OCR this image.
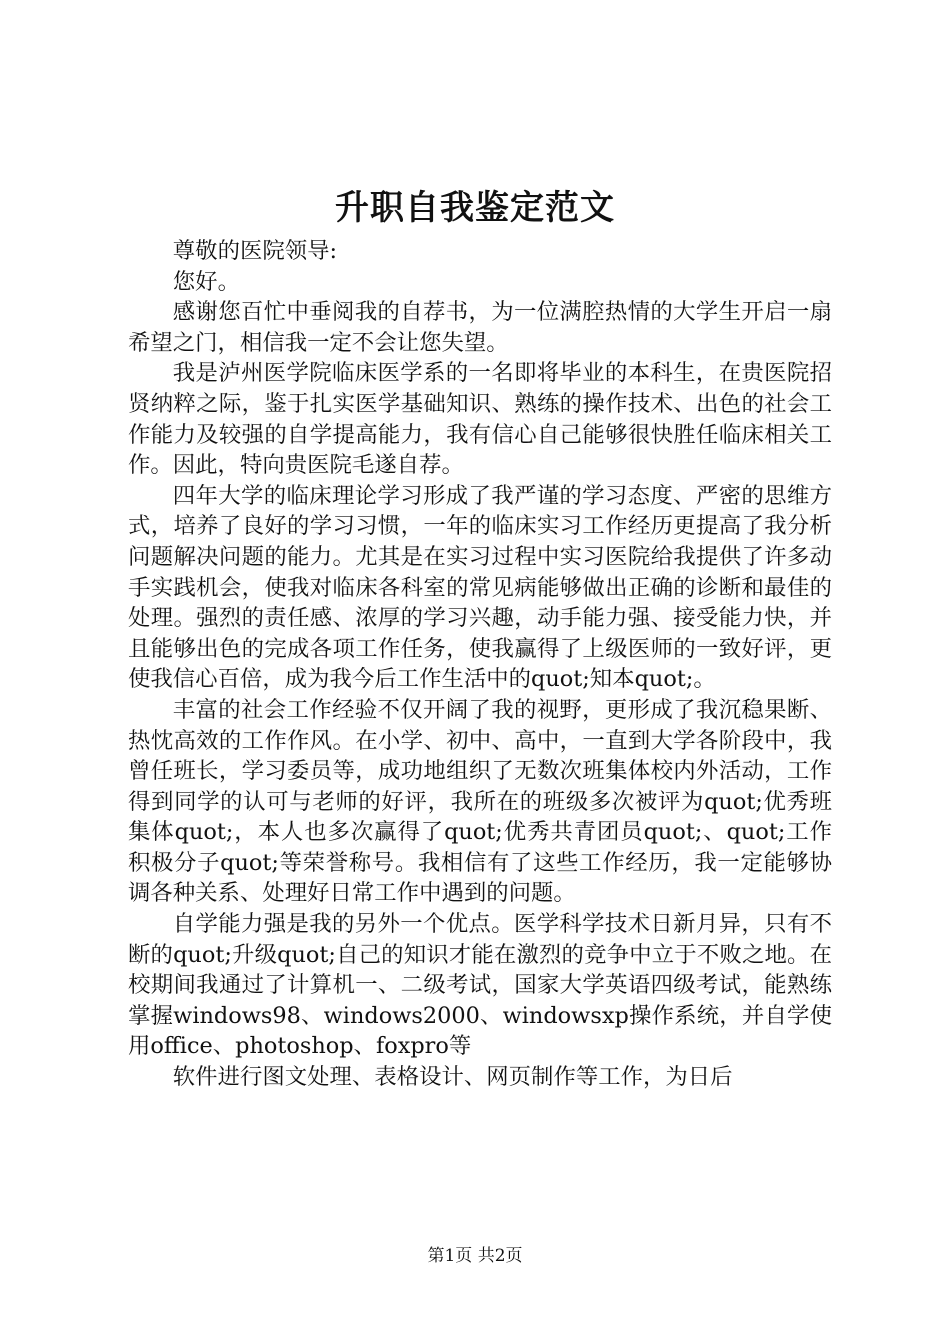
升职自我鉴定范文

尊敬的医院领导:

您好。

感谢您百忙中垂阅我的自荐书，为一位满腔热情的大学生开启一扇希望之门，相信我一定不会让您失望。

我是泸州医学院临床医学系的一名即将毕业的本科生，在贵医院招贤纳粹之际，鉴于扎实医学基础知识、熟练的操作技术、出色的社会工作能力及较强的自学提高能力，我有信心自己能够很快胜任临床相关工作。因此，特向贵医院毛遂自荐。

四年大学的临床理论学习形成了我严谨的学习态度、严密的思维方式，培养了良好的学习习惯，一年的临床实习工作经历更提高了我分析问题解决问题的能力。尤其是在实习过程中实习医院给我提供了许多动手实践机会，使我对临床各科室的常见病能够做出正确的诊断和最佳的处理。强烈的责任感、浓厚的学习兴趣，动手能力强、接受能力快，并且能够出色的完成各项工作任务，使我赢得了上级医师的一致好评，更使我信心百倍，成为我今后工作生活中的quot;知本quot;。

丰富的社会工作经验不仅开阔了我的视野，更形成了我沉稳果断、热忱高效的工作作风。在小学、初中、高中，一直到大学各阶段中，我曾任班长，学习委员等，成功地组织了无数次班集体校内外活动，工作得到同学的认可与老师的好评，我所在的班级多次被评为quot;优秀班集体quot;，本人也多次赢得了quot;优秀共青团员quot;、quot;工作积极分子quot;等荣誉称号。我相信有了这些工作经历，我一定能够协调各种关系、处理好日常工作中遇到的问题。

自学能力强是我的另外一个优点。医学科学技术日新月异，只有不断的quot;升级quot;自己的知识才能在激烈的竞争中立于不败之地。在校期间我通过了计算机一、二级考试，国家大学英语四级考试，能熟练掌握windows98、windows2000、windowsxp操作系统，并自学使用office、photoshop、foxpro等

软件进行图文处理、表格设计、网页制作等工作，为日后

第1页 共2页
